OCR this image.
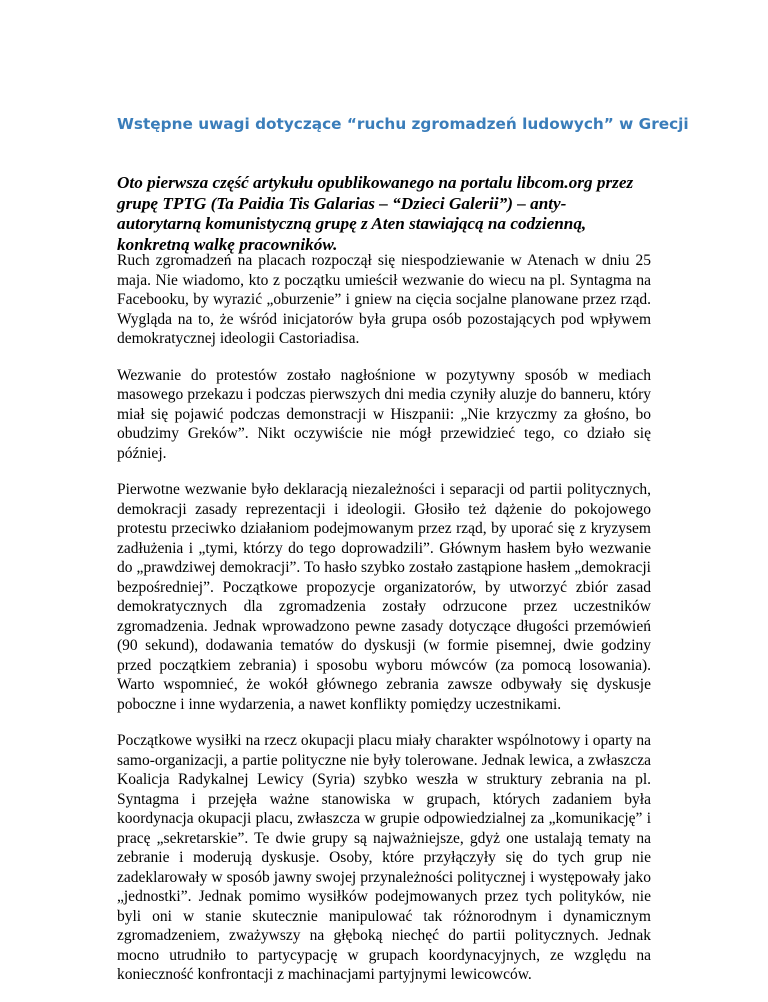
Wstępne uwagi dotyczące “ruchu zgromadzeń ludowych” w Grecji

Oto pierwsza część artykułu opublikowanego na portalu libcom.org przez grupę TPTG (Ta Paidia Tis Galarias – “Dzieci Galerii”) – anty-autorytarną komunistyczną grupę z Aten stawiającą na codzienną, konkretną walkę pracowników.

Ruch zgromadzeń na placach rozpoczął się niespodziewanie w Atenach w dniu 25 maja. Nie wiadomo, kto z początku umieścił wezwanie do wiecu na pl. Syntagma na Facebooku, by wyrazić „oburzenie” i gniew na cięcia socjalne planowane przez rząd. Wygląda na to, że wśród inicjatorów była grupa osób pozostających pod wpływem demokratycznej ideologii Castoriadisa.

Wezwanie do protestów zostało nagłośnione w pozytywny sposób w mediach masowego przekazu i podczas pierwszych dni media czyniły aluzje do banneru, który miał się pojawić podczas demonstracji w Hiszpanii: „Nie krzyczmy za głośno, bo obudzimy Greków”. Nikt oczywiście nie mógł przewidzieć tego, co działo się później.

Pierwotne wezwanie było deklaracją niezależności i separacji od partii politycznych, demokracji zasady reprezentacji i ideologii. Głosiło też dążenie do pokojowego protestu przeciwko działaniom podejmowanym przez rząd, by uporać się z kryzysem zadłużenia i „tymi, którzy do tego doprowadzili”. Głównym hasłem było wezwanie do „prawdziwej demokracji”. To hasło szybko zostało zastąpione hasłem „demokracji bezpośredniej”. Początkowe propozycje organizatorów, by utworzyć zbiór zasad demokratycznych dla zgromadzenia zostały odrzucone przez uczestników zgromadzenia. Jednak wprowadzono pewne zasady dotyczące długości przemówień (90 sekund), dodawania tematów do dyskusji (w formie pisemnej, dwie godziny przed początkiem zebrania) i sposobu wyboru mówców (za pomocą losowania). Warto wspomnieć, że wokół głównego zebrania zawsze odbywały się dyskusje poboczne i inne wydarzenia, a nawet konflikty pomiędzy uczestnikami.

Początkowe wysiłki na rzecz okupacji placu miały charakter wspólnotowy i oparty na samo-organizacji, a partie polityczne nie były tolerowane. Jednak lewica, a zwłaszcza Koalicja Radykalnej Lewicy (Syria) szybko weszła w struktury zebrania na pl. Syntagma i przejęła ważne stanowiska w grupach, których zadaniem była koordynacja okupacji placu, zwłaszcza w grupie odpowiedzialnej za „komunikację” i pracę „sekretarskie”. Te dwie grupy są najważniejsze, gdyż one ustalają tematy na zebranie i moderują dyskusje. Osoby, które przyłączyły się do tych grup nie zadeklarowały w sposób jawny swojej przynależności politycznej i występowały jako „jednostki”. Jednak pomimo wysiłków podejmowanych przez tych polityków, nie byli oni w stanie skutecznie manipulować tak różnorodnym i dynamicznym zgromadzeniem, zważywszy na głęboką niechęć do partii politycznych. Jednak mocno utrudniło to partycypację w grupach koordynacyjnych, ze względu na konieczność konfrontacji z machinacjami partyjnymi lewicowców.
